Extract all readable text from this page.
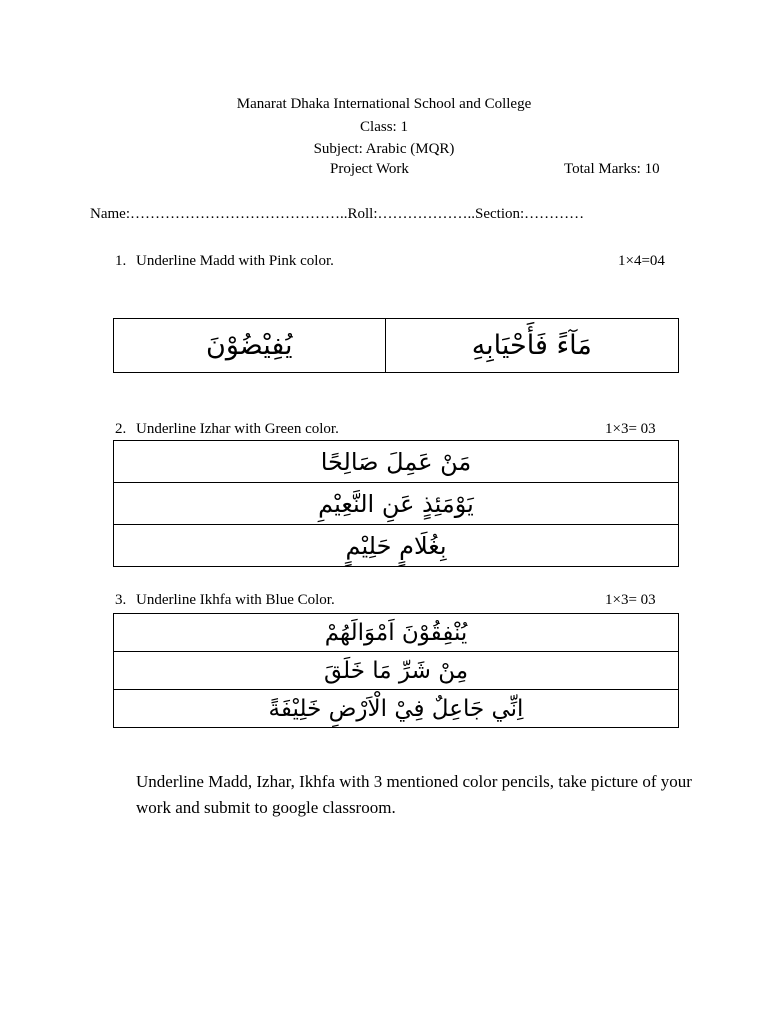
Manarat Dhaka International School and College
Class: 1
Subject: Arabic (MQR)
Project Work	Total Marks: 10
Name:……………………………………..Roll:………………..Section:…………
1. Underline Madd with Pink color.	1×4=04
يُفِيْضُوْنَ	مَآءً فَأَحْيَابِهِ
2. Underline Izhar with Green color.	1×3= 03
مَنْ عَمِلَ صَالِحًا
يَوْمَئِذٍ عَنِ النَّعِيْمِ
بِغُلَامٍ حَلِيْمٍ
3. Underline Ikhfa with Blue Color.	1×3= 03
يُنْفِقُوْنَ اَمْوَالَهُمْ
مِنْ شَرِّ مَا خَلَقَ
اِنِّي جَاعِلٌ فِيْ الْاَرْضِ خَلِيْفَةً
Underline Madd, Izhar, Ikhfa with 3 mentioned color pencils, take picture of your work and submit to google classroom.
